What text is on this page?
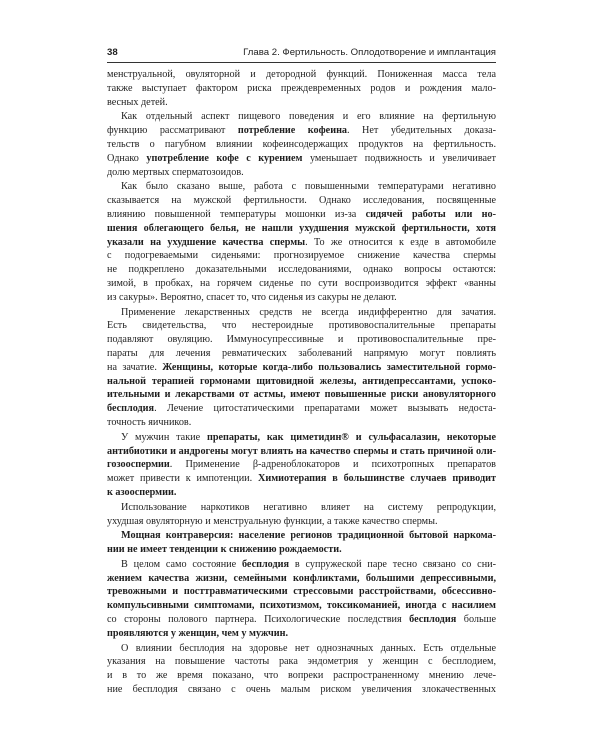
38	Глава 2. Фертильность. Оплодотворение и имплантация
менструальной, овуляторной и детородной функций. Пониженная масса тела
также выступает фактором риска преждевременных родов и рождения мало-
весных детей.
Как отдельный аспект пищевого поведения и его влияние на фертильную
функцию рассматривают потребление кофеина. Нет убедительных доказа-
тельств о пагубном влиянии кофеинсодержащих продуктов на фертильность.
Однако употребление кофе с курением уменьшает подвижность и увеличивает
долю мертвых сперматозоидов.
Как было сказано выше, работа с повышенными температурами негативно
сказывается на мужской фертильности. Однако исследования, посвященные
влиянию повышенной температуры мошонки из-за сидячей работы или но-
шения облегающего белья, не нашли ухудшения мужской фертильности, хотя
указали на ухудшение качества спермы. То же относится к езде в автомобиле
с подогреваемыми сиденьями: прогнозируемое снижение качества спермы
не подкреплено доказательными исследованиями, однако вопросы остаются:
зимой, в пробках, на горячем сиденье по сути воспроизводится эффект «ванны
из сакуры». Вероятно, спасет то, что сиденья из сакуры не делают.
Применение лекарственных средств не всегда индифферентно для зачатия.
Есть свидетельства, что нестероидные противовоспалительные препараты
подавляют овуляцию. Иммуносупрессивные и противовоспалительные пре-
параты для лечения ревматических заболеваний напрямую могут повлиять
на зачатие. Женщины, которые когда-либо пользовались заместительной гормо-
нальной терапией гормонами щитовидной железы, антидепрессантами, успоко-
ительными и лекарствами от астмы, имеют повышенные риски ановуляторного
бесплодия. Лечение цитостатическими препаратами может вызывать недоста-
точность яичников.
У мужчин такие препараты, как циметидин® и сульфасалазин, некоторые
антибиотики и андрогены могут влиять на качество спермы и стать причиной оли-
гозооспермии. Применение β-адреноблокаторов и психотропных препаратов
может привести к импотенции. Химиотерапия в большинстве случаев приводит
к азооспермии.
Использование наркотиков негативно влияет на систему репродукции,
ухудшая овуляторную и менструальную функции, а также качество спермы.
Мощная контраверсия: население регионов традиционной бытовой наркома-
нии не имеет тенденции к снижению рождаемости.
В целом само состояние бесплодия в супружеской паре тесно связано со сни-
жением качества жизни, семейными конфликтами, большими депрессивными,
тревожными и посттравматическими стрессовыми расстройствами, обсессивно-
компульсивными симптомами, психотизмом, токсикоманией, иногда с насилием
со стороны полового партнера. Психологические последствия бесплодия больше
проявляются у женщин, чем у мужчин.
О влиянии бесплодия на здоровье нет однозначных данных. Есть отдельные
указания на повышение частоты рака эндометрия у женщин с бесплодием,
и в то же время показано, что вопреки распространенному мнению лече-
ние бесплодия связано с очень малым риском увеличения злокачественных
